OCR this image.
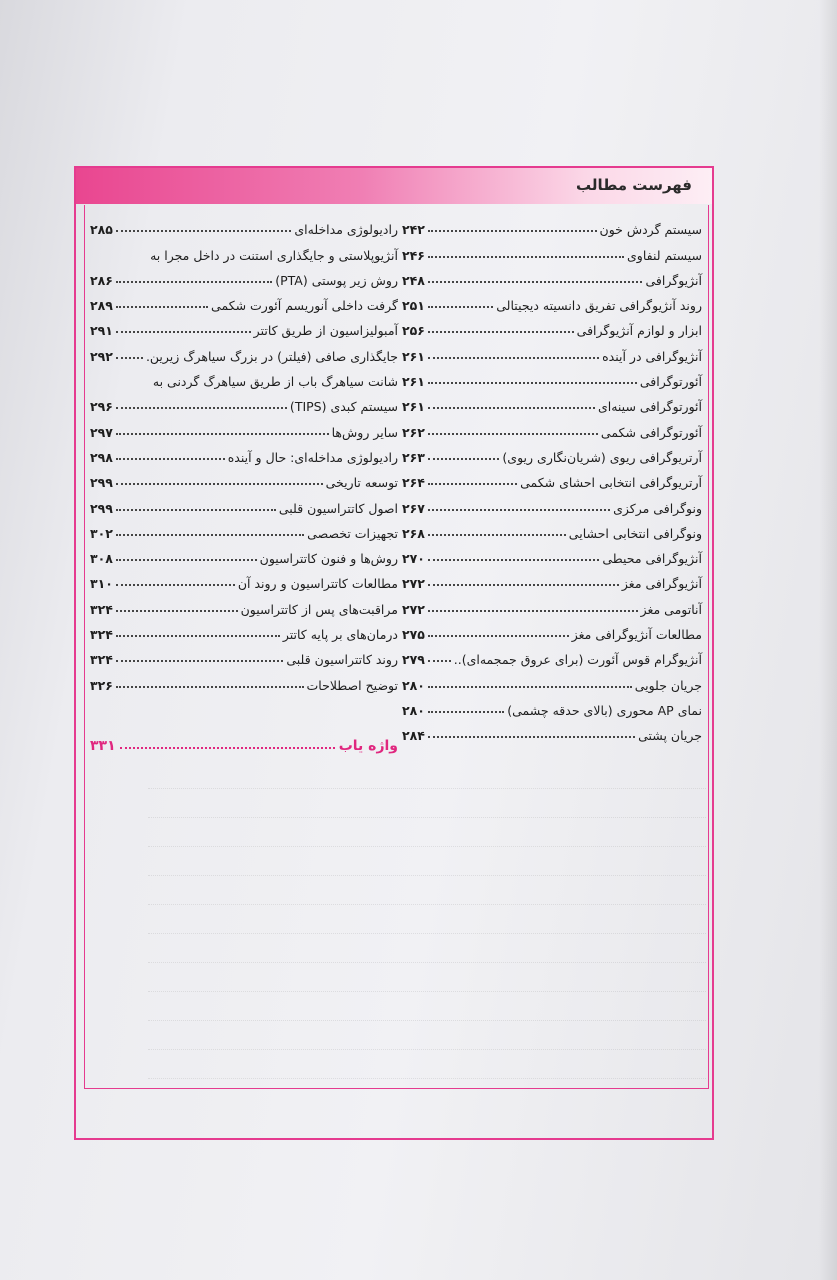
فهرست مطالب
سیستم گردش خون
۲۴۲
سیستم لنفاوی
۲۴۶
آنژیوگرافی
۲۴۸
روند آنژیوگرافی تفریق دانسیته دیجیتالی
۲۵۱
ابزار و لوازم آنژیوگرافی
۲۵۶
آنژیوگرافی در آینده
۲۶۱
آئورتوگرافی
۲۶۱
آئورتوگرافی سینه‌ای
۲۶۱
آئورتوگرافی شکمی
۲۶۲
آرتریوگرافی ریوی (شریان‌نگاری ریوی)
۲۶۳
آرتریوگرافی انتخابی احشای شکمی
۲۶۴
ونوگرافی مرکزی
۲۶۷
ونوگرافی انتخابی احشایی
۲۶۸
آنژیوگرافی محیطی
۲۷۰
آنژیوگرافی مغز
۲۷۲
آناتومی مغز
۲۷۲
مطالعات آنژیوگرافی مغز
۲۷۵
آنژیوگرام قوس آئورت (برای عروق جمجمه‌ای)..
۲۷۹
جریان جلویی
۲۸۰
نمای AP محوری (بالای حدقه چشمی)
۲۸۰
جریان پشتی
۲۸۴
رادیولوژی مداخله‌ای
۲۸۵
آنژیوپلاستی و جایگذاری استنت در داخل مجرا به
روش زیر پوستی (PTA)
۲۸۶
گرفت داخلی آنوریسم آئورت شکمی
۲۸۹
آمبولیزاسیون از طریق کاتتر
۲۹۱
جایگذاری صافی (فیلتر) در بزرگ سیاهرگ زیرین.
۲۹۲
شانت سیاهرگ باب از طریق سیاهرگ گردنی به
سیستم کبدی (TIPS)
۲۹۶
سایر روش‌ها
۲۹۷
رادیولوژی مداخله‌ای: حال و آینده
۲۹۸
توسعه تاریخی
۲۹۹
اصول کاتتراسیون قلبی
۲۹۹
تجهیزات تخصصی
۳۰۲
روش‌ها و فنون کاتتراسیون
۳۰۸
مطالعات کاتتراسیون و روند آن
۳۱۰
مراقبت‌های پس از کاتتراسیون
۳۲۴
درمان‌های بر پایه کاتتر
۳۲۴
روند کاتتراسیون قلبی
۳۲۴
توضیح اصطلاحات
۳۲۶
واژه یاب
۳۳۱
